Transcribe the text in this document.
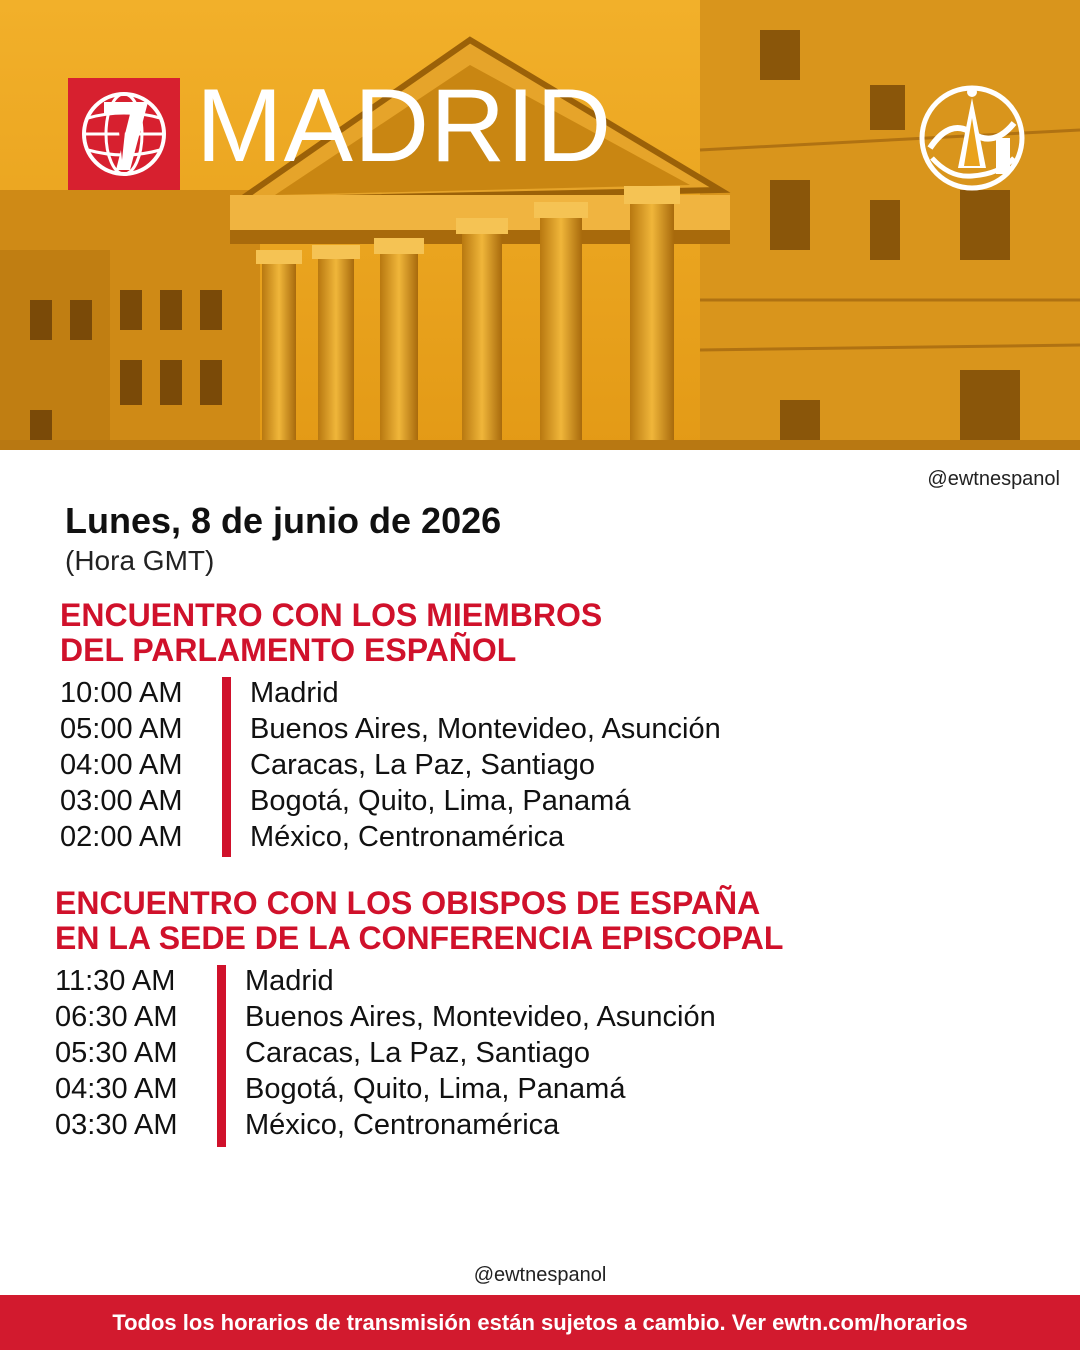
MADRID
@ewtnespanol
Lunes, 8 de junio de 2026
(Hora GMT)
ENCUENTRO CON LOS MIEMBROS
DEL PARLAMENTO ESPAÑOL
10:00 AM Madrid
05:00 AM Buenos Aires, Montevideo, Asunción
04:00 AM Caracas, La Paz, Santiago
03:00 AM Bogotá, Quito, Lima, Panamá
02:00 AM México, Centronamérica
ENCUENTRO CON LOS OBISPOS DE ESPAÑA
EN LA SEDE DE LA CONFERENCIA EPISCOPAL
11:30 AM Madrid
06:30 AM Buenos Aires, Montevideo, Asunción
05:30 AM Caracas, La Paz, Santiago
04:30 AM Bogotá, Quito, Lima, Panamá
03:30 AM México, Centronamérica
@ewtnespanol
Todos los horarios de transmisión están sujetos a cambio. Ver ewtn.com/horarios
